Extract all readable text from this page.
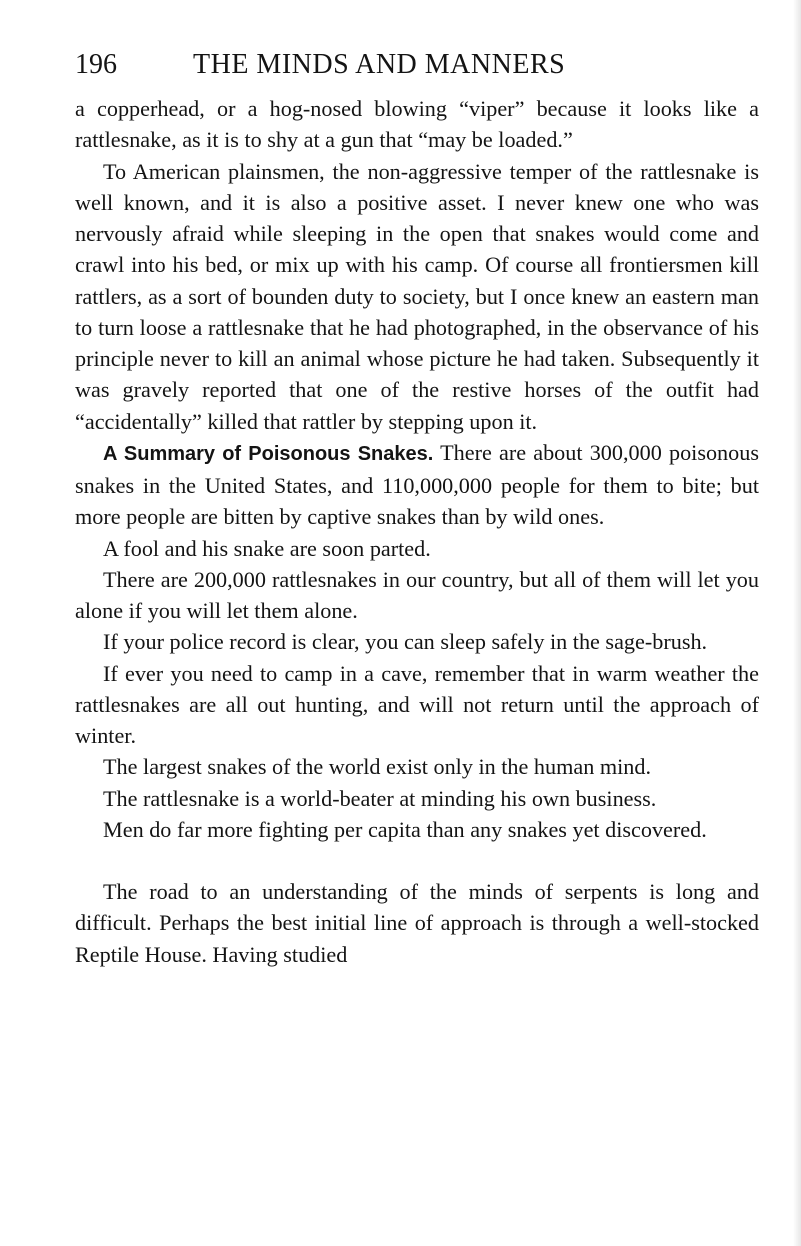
196	THE MINDS AND MANNERS

a copperhead, or a hog-nosed blowing “viper” because it looks like a rattlesnake, as it is to shy at a gun that “may be loaded.”

To American plainsmen, the non-aggressive temper of the rattlesnake is well known, and it is also a positive asset. I never knew one who was nervously afraid while sleeping in the open that snakes would come and crawl into his bed, or mix up with his camp. Of course all frontiersmen kill rattlers, as a sort of bounden duty to society, but I once knew an eastern man to turn loose a rattlesnake that he had photographed, in the observance of his principle never to kill an animal whose picture he had taken. Subsequently it was gravely reported that one of the restive horses of the outfit had “accidentally” killed that rattler by stepping upon it.

A Summary of Poisonous Snakes. There are about 300,000 poisonous snakes in the United States, and 110,000,000 people for them to bite; but more people are bitten by captive snakes than by wild ones.

A fool and his snake are soon parted.

There are 200,000 rattlesnakes in our country, but all of them will let you alone if you will let them alone.

If your police record is clear, you can sleep safely in the sage-brush.

If ever you need to camp in a cave, remember that in warm weather the rattlesnakes are all out hunting, and will not return until the approach of winter.

The largest snakes of the world exist only in the human mind.

The rattlesnake is a world-beater at minding his own business.

Men do far more fighting per capita than any snakes yet discovered.

The road to an understanding of the minds of serpents is long and difficult. Perhaps the best initial line of approach is through a well-stocked Reptile House. Having studied
